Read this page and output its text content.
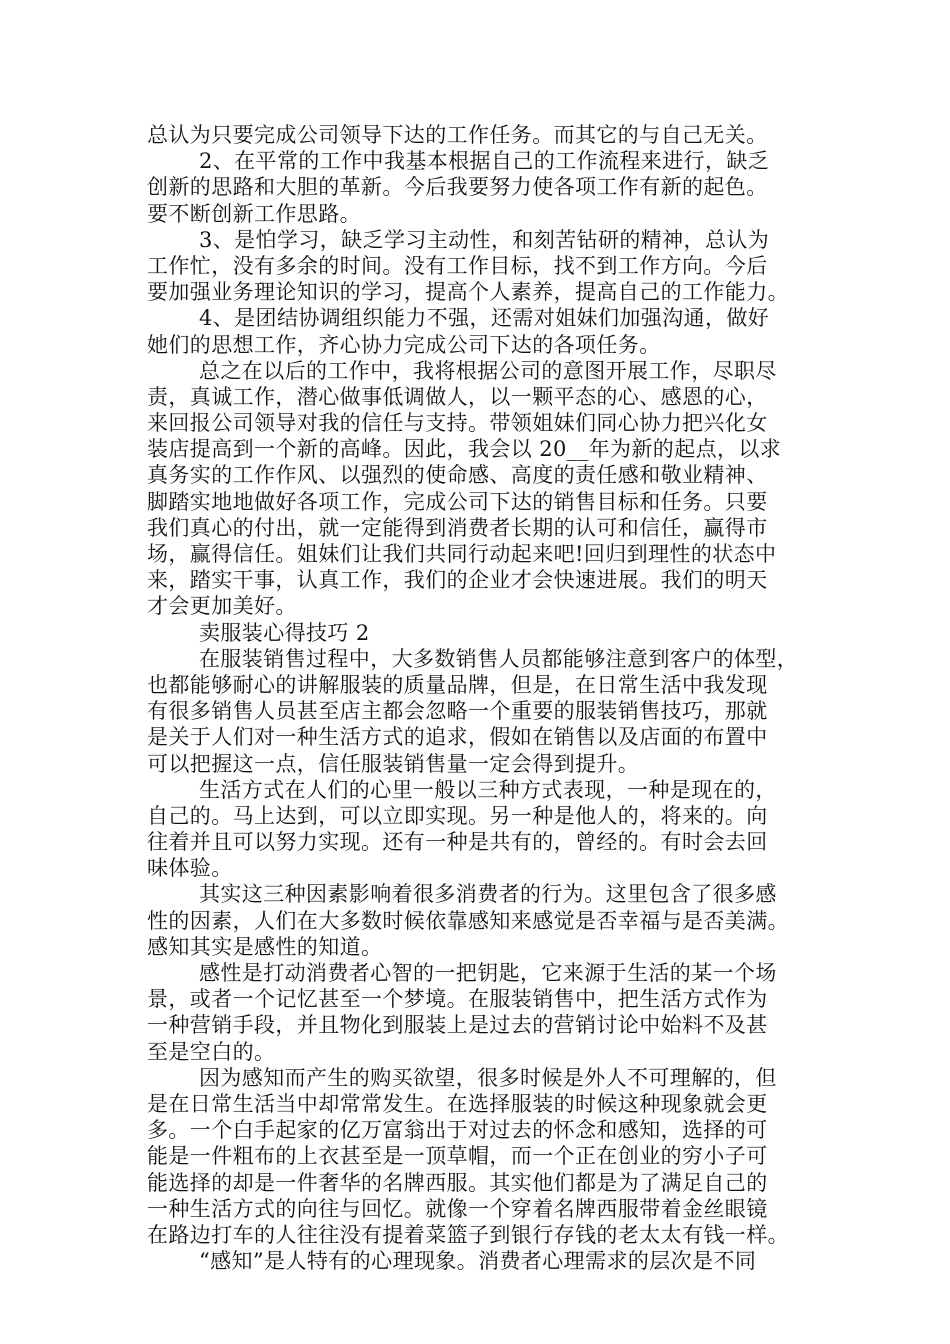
总认为只要完成公司领导下达的工作任务。而其它的与自己无关。
2、在平常的工作中我基本根据自己的工作流程来进行，缺乏
创新的思路和大胆的革新。今后我要努力使各项工作有新的起色。
要不断创新工作思路。
3、是怕学习，缺乏学习主动性，和刻苦钻研的精神，总认为
工作忙，没有多余的时间。没有工作目标，找不到工作方向。今后
要加强业务理论知识的学习，提高个人素养，提高自己的工作能力。
4、是团结协调组织能力不强，还需对姐妹们加强沟通，做好
她们的思想工作，齐心协力完成公司下达的各项任务。
总之在以后的工作中，我将根据公司的意图开展工作，尽职尽
责，真诚工作，潜心做事低调做人，以一颗平态的心、感恩的心，
来回报公司领导对我的信任与支持。带领姐妹们同心协力把兴化女
装店提高到一个新的高峰。因此，我会以 20__年为新的起点，以求
真务实的工作作风、以强烈的使命感、高度的责任感和敬业精神、
脚踏实地地做好各项工作，完成公司下达的销售目标和任务。只要
我们真心的付出，就一定能得到消费者长期的认可和信任，赢得市
场，赢得信任。姐妹们让我们共同行动起来吧!回归到理性的状态中
来，踏实干事，认真工作，我们的企业才会快速进展。我们的明天
才会更加美好。
卖服装心得技巧 2
在服装销售过程中，大多数销售人员都能够注意到客户的体型，
也都能够耐心的讲解服装的质量品牌，但是，在日常生活中我发现
有很多销售人员甚至店主都会忽略一个重要的服装销售技巧，那就
是关于人们对一种生活方式的追求，假如在销售以及店面的布置中
可以把握这一点，信任服装销售量一定会得到提升。
生活方式在人们的心里一般以三种方式表现，一种是现在的，
自己的。马上达到，可以立即实现。另一种是他人的，将来的。向
往着并且可以努力实现。还有一种是共有的，曾经的。有时会去回
味体验。
其实这三种因素影响着很多消费者的行为。这里包含了很多感
性的因素，人们在大多数时候依靠感知来感觉是否幸福与是否美满。
感知其实是感性的知道。
感性是打动消费者心智的一把钥匙，它来源于生活的某一个场
景，或者一个记忆甚至一个梦境。在服装销售中，把生活方式作为
一种营销手段，并且物化到服装上是过去的营销讨论中始料不及甚
至是空白的。
因为感知而产生的购买欲望，很多时候是外人不可理解的，但
是在日常生活当中却常常发生。在选择服装的时候这种现象就会更
多。一个白手起家的亿万富翁出于对过去的怀念和感知，选择的可
能是一件粗布的上衣甚至是一顶草帽，而一个正在创业的穷小子可
能选择的却是一件奢华的名牌西服。其实他们都是为了满足自己的
一种生活方式的向往与回忆。就像一个穿着名牌西服带着金丝眼镜
在路边打车的人往往没有提着菜篮子到银行存钱的老太太有钱一样。
“感知”是人特有的心理现象。消费者心理需求的层次是不同
